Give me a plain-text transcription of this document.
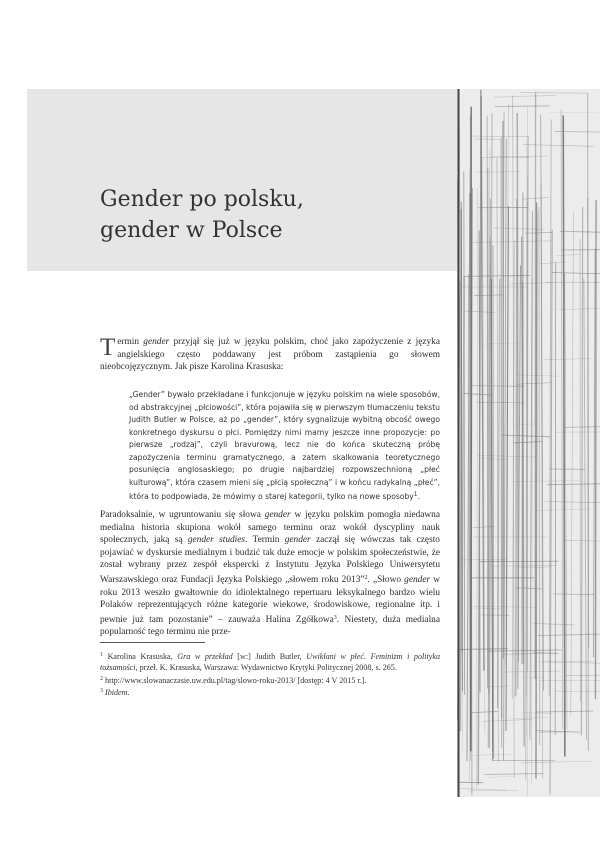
Gender po polsku,
gender w Polsce

Termin gender przyjął się już w języku polskim, choć jako zapożyczenie z języka angielskiego często poddawany jest próbom zastąpienia go słowem nieobcojęzycznym. Jak pisze Karolina Krasuska:

„Gender” bywało przekładane i funkcjonuje w języku polskim na wiele sposobów, od abstrakcyjnej „płciowości”, która pojawiła się w pierwszym tłumaczeniu tekstu Judith Butler w Polsce, aż po „gender”, który sygnalizuje wybitną obcość owego konkretnego dyskursu o płci. Pomiędzy nimi mamy jeszcze inne propozycje: po pierwsze „rodzaj”, czyli bravurową, lecz nie do końca skuteczną próbę zapożyczenia terminu gramatycznego, a zatem skalkowania teoretycznego posunięcia anglosaskiego; po drugie najbardziej rozpowszechnioną „płeć kulturową”, która czasem mieni się „płcią społeczną” i w końcu radykalną „płeć”, która to podpowiada, że mówimy o starej kategorii, tylko na nowe sposoby$^1$.

Paradoksalnie, w ugruntowaniu się słowa gender w języku polskim pomogła niedawna medialna historia skupiona wokół samego terminu oraz wokół dyscypliny nauk społecznych, jaką są gender studies. Termin gender zaczął się wówczas tak często pojawiać w dyskursie medialnym i budzić tak duże emocje w polskim społeczeństwie, że został wybrany przez zespół ekspercki z Instytutu Języka Polskiego Uniwersytetu Warszawskiego oraz Fundacji Języka Polskiego „słowem roku 2013”$^2$. „Słowo gender w roku 2013 weszło gwałtownie do idiolektalnego repertuaru leksykalnego bardzo wielu Polaków reprezentujących różne kategorie wiekowe, środowiskowe, regionalne itp. i pewnie już tam pozostanie” – zauważa Halina Zgółkowa$^3$. Niestety, duża medialna popularność tego terminu nie prze-

$^1$ Karolina Krasuska, Gra w przekład [w:] Judith Butler, Uwikłani w płeć. Feminizm i polityka tożsamości, przeł. K. Krasuska, Warszawa: Wydawnictwo Krytyki Politycznej 2008, s. 265.

$^2$ http://www.slowanaczasie.uw.edu.pl/tag/slowo-roku-2013/ [dostęp: 4 V 2015 r.].

$^3$ Ibidem.
